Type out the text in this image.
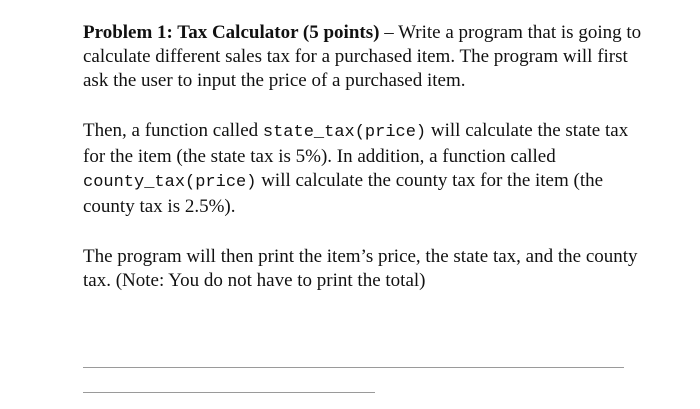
Problem 1: Tax Calculator (5 points) – Write a program that is going to calculate different sales tax for a purchased item. The program will first ask the user to input the price of a purchased item.

Then, a function called state_tax(price) will calculate the state tax for the item (the state tax is 5%). In addition, a function called county_tax(price) will calculate the county tax for the item (the county tax is 2.5%).

The program will then print the item’s price, the state tax, and the county tax. (Note: You do not have to print the total)
